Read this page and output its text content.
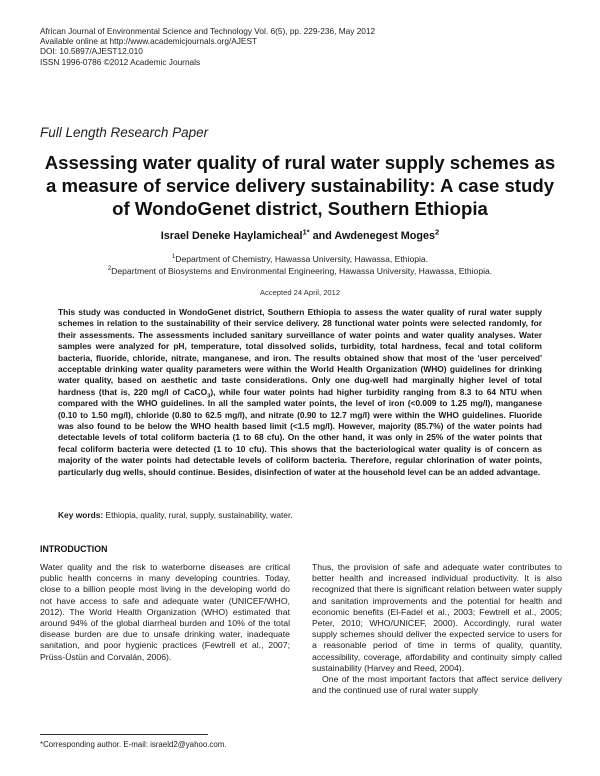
African Journal of Environmental Science and Technology Vol. 6(5), pp. 229-236, May 2012
Available online at http://www.academicjournals.org/AJEST
DOI: 10.5897/AJEST12.010
ISSN 1996-0786 ©2012 Academic Journals
Full Length Research Paper
Assessing water quality of rural water supply schemes as a measure of service delivery sustainability: A case study of WondoGenet district, Southern Ethiopia
Israel Deneke Haylamicheal$^{1*}$ and Awdenegest Moges$^2$
$^1$Department of Chemistry, Hawassa University, Hawassa, Ethiopia.
$^2$Department of Biosystems and Environmental Engineering, Hawassa University, Hawassa, Ethiopia.
Accepted 24 April, 2012
This study was conducted in WondoGenet district, Southern Ethiopia to assess the water quality of rural water supply schemes in relation to the sustainability of their service delivery. 28 functional water points were selected randomly, for their assessments. The assessments included sanitary surveillance of water points and water quality analyses. Water samples were analyzed for pH, temperature, total dissolved solids, turbidity, total hardness, fecal and total coliform bacteria, fluoride, chloride, nitrate, manganese, and iron. The results obtained show that most of the 'user perceived' acceptable drinking water quality parameters were within the World Health Organization (WHO) guidelines for drinking water quality, based on aesthetic and taste considerations. Only one dug-well had marginally higher level of total hardness (that is, 220 mg/l of CaCO$_3$), while four water points had higher turbidity ranging from 8.3 to 64 NTU when compared with the WHO guidelines. In all the sampled water points, the level of iron (<0.009 to 1.25 mg/l), manganese (0.10 to 1.50 mg/l), chloride (0.80 to 62.5 mg/l), and nitrate (0.90 to 12.7 mg/l) were within the WHO guidelines. Fluoride was also found to be below the WHO health based limit (<1.5 mg/l). However, majority (85.7%) of the water points had detectable levels of total coliform bacteria (1 to 68 cfu). On the other hand, it was only in 25% of the water points that fecal coliform bacteria were detected (1 to 10 cfu). This shows that the bacteriological water quality is of concern as majority of the water points had detectable levels of coliform bacteria. Therefore, regular chlorination of water points, particularly dug wells, should continue. Besides, disinfection of water at the household level can be an added advantage.
Key words: Ethiopia, quality, rural, supply, sustainability, water.
INTRODUCTION

Water quality and the risk to waterborne diseases are critical public health concerns in many developing countries. Today, close to a billion people most living in the developing world do not have access to safe and adequate water (UNICEF/WHO, 2012). The World Health Organization (WHO) estimated that around 94% of the global diarrheal burden and 10% of the total disease burden are due to unsafe drinking water, inadequate sanitation, and poor hygienic practices (Fewtrell et al., 2007; Prüss-Üstün and Corvalán, 2006).

Thus, the provision of safe and adequate water contributes to better health and increased individual productivity. It is also recognized that there is significant relation between water supply and sanitation improvements and the potential for health and economic benefits (El-Fadel et al., 2003; Fewtrell et al., 2005; Peter, 2010; WHO/UNICEF, 2000). Accordingly, rural water supply schemes should deliver the expected service to users for a reasonable period of time in terms of quality, quantity, accessibility, coverage, affordability and continuity simply called sustainability (Harvey and Reed, 2004).

One of the most important factors that affect service delivery and the continued use of rural water supply

*Corresponding author. E-mail: israeld2@yahoo.com.
